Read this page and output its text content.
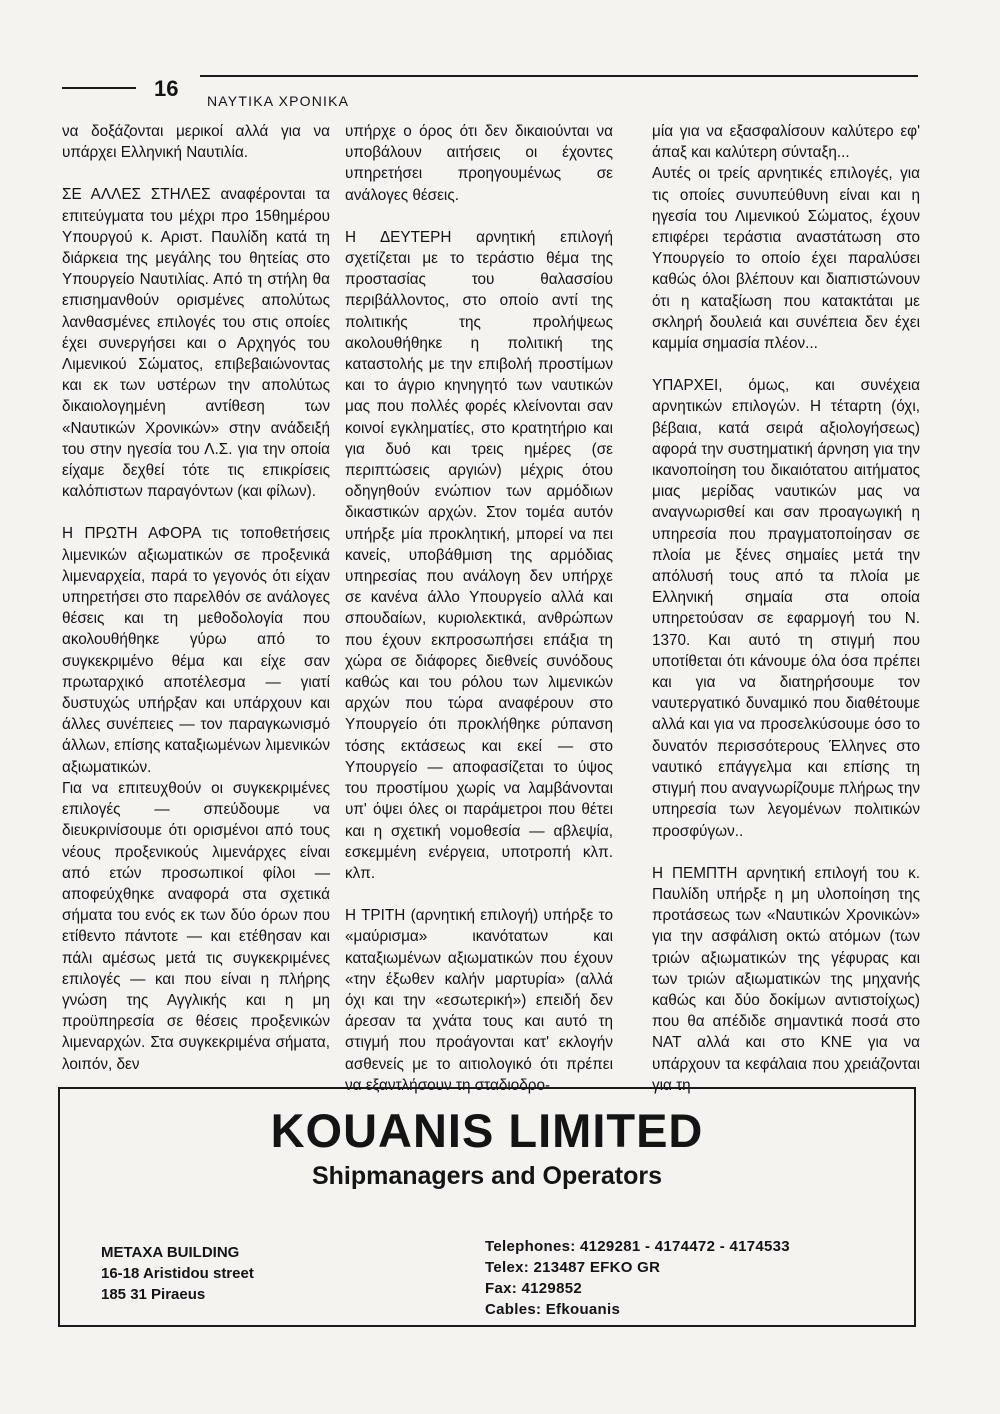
16 ΝΑΥΤΙΚΑ ΧΡΟΝΙΚΑ

να δοξάζονται μερικοί αλλά για να υπάρχει Ελληνική Ναυτιλία.

ΣΕ ΑΛΛΕΣ ΣΤΗΛΕΣ αναφέρονται τα επιτεύγματα του μέχρι προ 15θημέρου Υπουργού κ. Αριστ. Παυλίδη κατά τη διάρκεια της μεγάλης του θητείας στο Υπουργείο Ναυτιλίας. Από τη στήλη θα επισημανθούν ορισμένες απολύτως λανθασμένες επιλογές του στις οποίες έχει συνεργήσει και ο Αρχηγός του Λιμενικού Σώματος, επιβεβαιώνοντας και εκ των υστέρων την απολύτως δικαιολογημένη αντίθεση των «Ναυτικών Χρονικών» στην ανάδειξή του στην ηγεσία του Λ.Σ. για την οποία είχαμε δεχθεί τότε τις επικρίσεις καλόπιστων παραγόντων (και φίλων).

Η ΠΡΩΤΗ ΑΦΟΡΑ τις τοποθετήσεις λιμενικών αξιωματικών σε προξενικά λιμεναρχεία, παρά το γεγονός ότι είχαν υπηρετήσει στο παρελθόν σε ανάλογες θέσεις και τη μεθοδολογία που ακολουθήθηκε γύρω από το συγκεκριμένο θέμα και είχε σαν πρωταρχικό αποτέλεσμα — γιατί δυστυχώς υπήρξαν και υπάρχουν και άλλες συνέπειες — τον παραγκωνισμό άλλων, επίσης καταξιωμένων λιμενικών αξιωματικών.

Για να επιτευχθούν οι συγκεκριμένες επιλογές — σπεύδουμε να διευκρινίσουμε ότι ορισμένοι από τους νέους προξενικούς λιμενάρχες είναι από ετών προσωπικοί φίλοι — αποφεύχθηκε αναφορά στα σχετικά σήματα του ενός εκ των δύο όρων που ετίθεντο πάντοτε — και ετέθησαν και πάλι αμέσως μετά τις συγκεκριμένες επιλογές — και που είναι η πλήρης γνώση της Αγγλικής και η μη προϋπηρεσία σε θέσεις προξενικών λιμεναρχών. Στα συγκεκριμένα σήματα, λοιπόν, δεν

υπήρχε ο όρος ότι δεν δικαιούνται να υποβάλουν αιτήσεις οι έχοντες υπηρετήσει προηγουμένως σε ανάλογες θέσεις.

Η ΔΕΥΤΕΡΗ αρνητική επιλογή σχετίζεται με το τεράστιο θέμα της προστασίας του θαλασσίου περιβάλλοντος, στο οποίο αντί της πολιτικής της προλήψεως ακολουθήθηκε η πολιτική της καταστολής με την επιβολή προστίμων και το άγριο κηνηγητό των ναυτικών μας που πολλές φορές κλείνονται σαν κοινοί εγκληματίες, στο κρατητήριο και για δυό και τρεις ημέρες (σε περιπτώσεις αργιών) μέχρις ότου οδηγηθούν ενώπιον των αρμόδιων δικαστικών αρχών. Στον τομέα αυτόν υπήρξε μία προκλητική, μπορεί να πει κανείς, υποβάθμιση της αρμόδιας υπηρεσίας που ανάλογη δεν υπήρχε σε κανένα άλλο Υπουργείο αλλά και σπουδαίων, κυριολεκτικά, ανθρώπων που έχουν εκπροσωπήσει επάξια τη χώρα σε διάφορες διεθνείς συνόδους καθώς και του ρόλου των λιμενικών αρχών που τώρα αναφέρουν στο Υπουργείο ότι προκλήθηκε ρύπανση τόσης εκτάσεως και εκεί — στο Υπουργείο — αποφασίζεται το ύψος του προστίμου χωρίς να λαμβάνονται υπ' όψει όλες οι παράμετροι που θέτει και η σχετική νομοθεσία — αβλεψία, εσκεμμένη ενέργεια, υποτροπή κλπ. κλπ.

Η ΤΡΙΤΗ (αρνητική επιλογή) υπήρξε το «μαύρισμα» ικανότατων και καταξιωμένων αξιωματικών που έχουν «την έξωθεν καλήν μαρτυρία» (αλλά όχι και την «εσωτερική») επειδή δεν άρεσαν τα χνάτα τους και αυτό τη στιγμή που προάγονται κατ' εκλογήν ασθενείς με το αιτιολογικό ότι πρέπει να εξαντλήσουν τη σταδιοδρο-

μία για να εξασφαλίσουν καλύτερο εφ' άπαξ και καλύτερη σύνταξη...

Αυτές οι τρείς αρνητικές επιλογές, για τις οποίες συνυπεύθυνη είναι και η ηγεσία του Λιμενικού Σώματος, έχουν επιφέρει τεράστια αναστάτωση στο Υπουργείο το οποίο έχει παραλύσει καθώς όλοι βλέπουν και διαπιστώνουν ότι η καταξίωση που κατακτάται με σκληρή δουλειά και συνέπεια δεν έχει καμμία σημασία πλέον...

ΥΠΑΡΧΕΙ, όμως, και συνέχεια αρνητικών επιλογών. Η τέταρτη (όχι, βέβαια, κατά σειρά αξιολογήσεως) αφορά την συστηματική άρνηση για την ικανοποίηση του δικαιότατου αιτήματος μιας μερίδας ναυτικών μας να αναγνωρισθεί και σαν προαγωγική η υπηρεσία που πραγματοποίησαν σε πλοία με ξένες σημαίες μετά την απόλυσή τους από τα πλοία με Ελληνική σημαία στα οποία υπηρετούσαν σε εφαρμογή του Ν. 1370. Και αυτό τη στιγμή που υποτίθεται ότι κάνουμε όλα όσα πρέπει και για να διατηρήσουμε τον ναυτεργατικό δυναμικό που διαθέτουμε αλλά και για να προσελκύσουμε όσο το δυνατόν περισσότερους Έλληνες στο ναυτικό επάγγελμα και επίσης τη στιγμή που αναγνωρίζουμε πλήρως την υπηρεσία των λεγομένων πολιτικών προσφύγων..

Η ΠΕΜΠΤΗ αρνητική επιλογή του κ. Παυλίδη υπήρξε η μη υλοποίηση της προτάσεως των «Ναυτικών Χρονικών» για την ασφάλιση οκτώ ατόμων (των τριών αξιωματικών της γέφυρας και των τριών αξιωματικών της μηχανής καθώς και δύο δοκίμων αντιστοίχως) που θα απέδιδε σημαντικά ποσά στο ΝΑΤ αλλά και στο ΚΝΕ για να υπάρχουν τα κεφάλαια που χρειάζονται για τη

KOUANIS LIMITED
Shipmanagers and Operators
METAXA BUILDING
16-18 Aristidou street
185 31 Piraeus
Telephones: 4129281 - 4174472 - 4174533
Telex: 213487 EFKO GR
Fax: 4129852
Cables: Efkouanis
